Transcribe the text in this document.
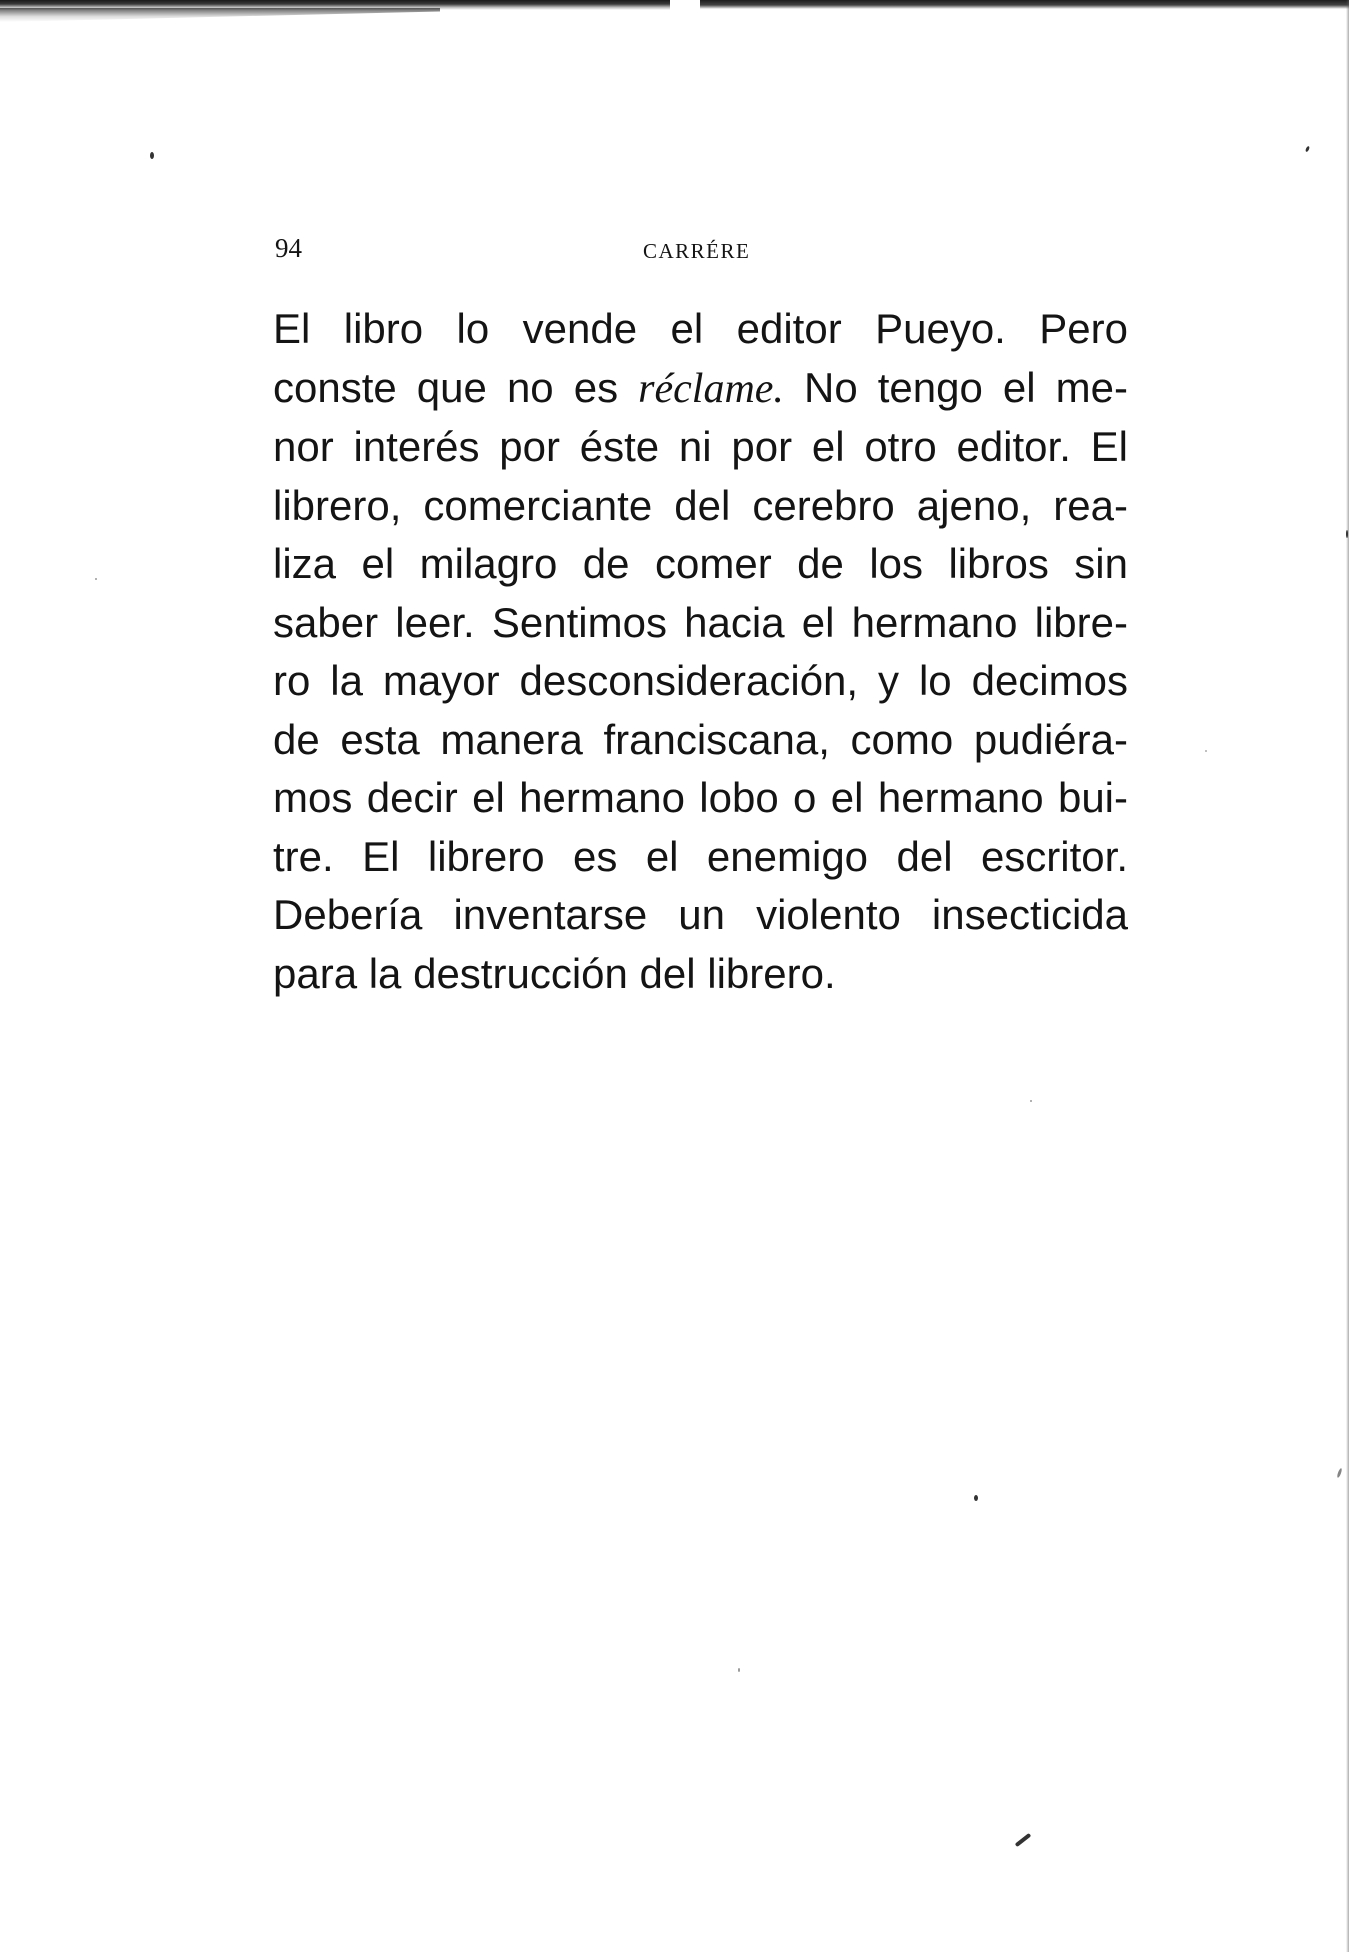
94	CARRÉRE
El libro lo vende el editor Pueyo. Pero
conste que no es réclame. No tengo el me-
nor interés por éste ni por el otro editor. El
librero, comerciante del cerebro ajeno, rea-
liza el milagro de comer de los libros sin
saber leer. Sentimos hacia el hermano libre-
ro la mayor desconsideración, y lo decimos
de esta manera franciscana, como pudiéra-
mos decir el hermano lobo o el hermano bui-
tre. El librero es el enemigo del escritor.
Debería inventarse un violento insecticida
para la destrucción del librero.
